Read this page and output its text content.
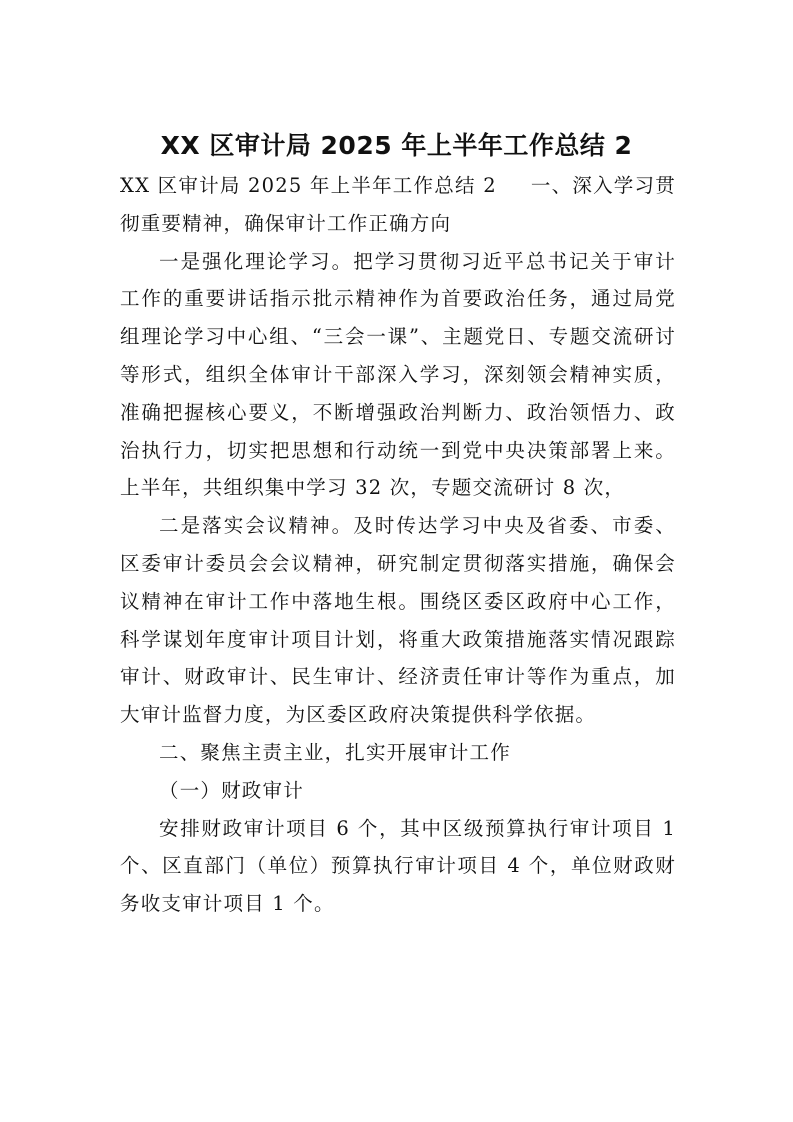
XX 区审计局 2025 年上半年工作总结 2

XX 区审计局 2025 年上半年工作总结 2 一、深入学习贯彻重要精神，确保审计工作正确方向

一是强化理论学习。把学习贯彻习近平总书记关于审计工作的重要讲话指示批示精神作为首要政治任务，通过局党组理论学习中心组、“三会一课”、主题党日、专题交流研讨等形式，组织全体审计干部深入学习，深刻领会精神实质，准确把握核心要义，不断增强政治判断力、政治领悟力、政治执行力，切实把思想和行动统一到党中央决策部署上来。上半年，共组织集中学习 32 次，专题交流研讨 8 次，

二是落实会议精神。及时传达学习中央及省委、市委、区委审计委员会会议精神，研究制定贯彻落实措施，确保会议精神在审计工作中落地生根。围绕区委区政府中心工作，科学谋划年度审计项目计划，将重大政策措施落实情况跟踪审计、财政审计、民生审计、经济责任审计等作为重点，加大审计监督力度，为区委区政府决策提供科学依据。

二、聚焦主责主业，扎实开展审计工作

（一）财政审计

安排财政审计项目 6 个，其中区级预算执行审计项目 1 个、区直部门（单位）预算执行审计项目 4 个，单位财政财务收支审计项目 1 个。
